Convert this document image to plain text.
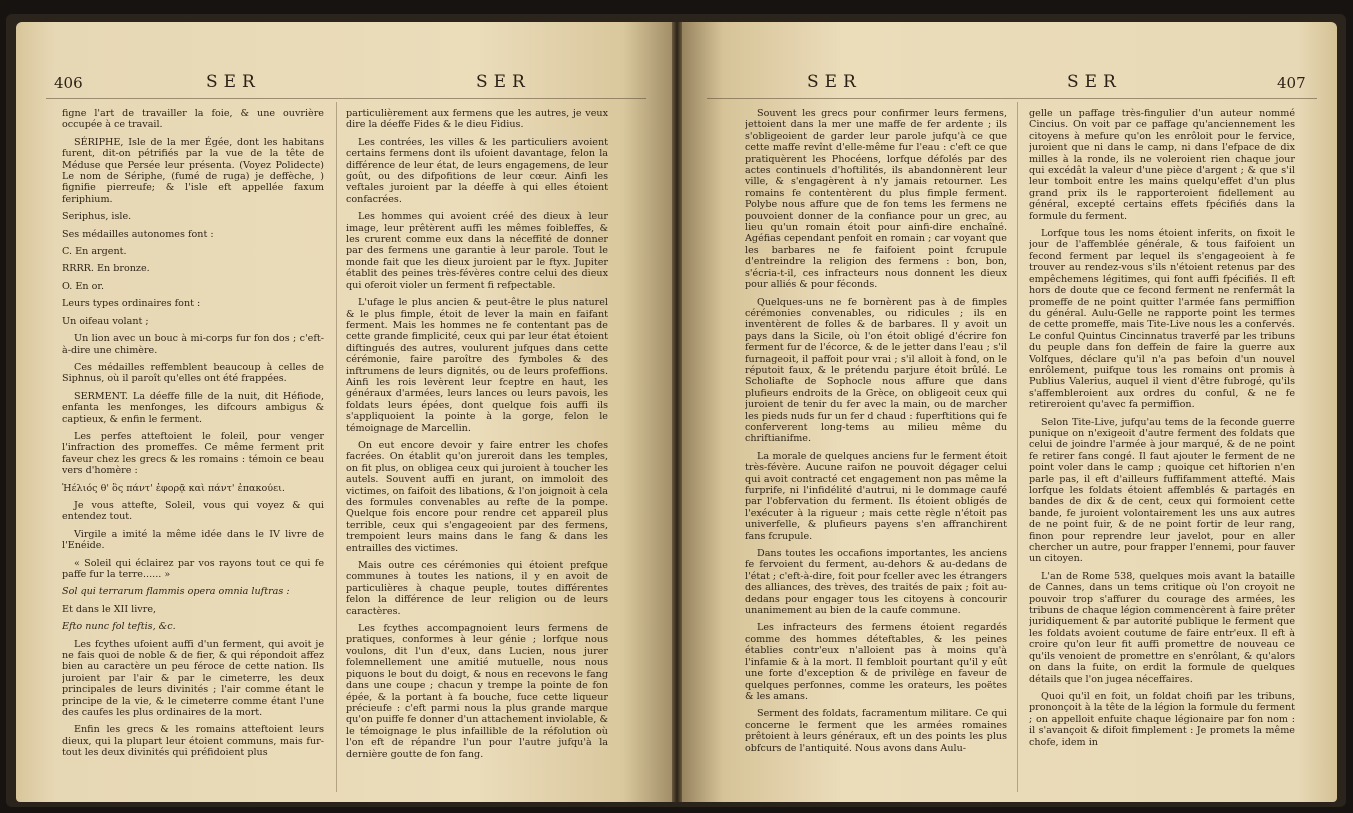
406	SER	SER

fignе l'art de travailler la foie, & une ouvrière occupée à ce travail.

SÉRIPHE, Isle de la mer Égée, dont les habitans furent, dit-on pétrifiés par la vue de la tête de Méduse que Persée leur présenta. (Voyez Polidecte) Le nom de Sériphe, (fumé de ruga) je deffèche, ) fignifie pierreufe; & l'isle eft appellée faxum feriphium.

Seriphus, isle.

Ses médailles autonomes font :

C. En argent.

RRRR. En bronze.

O. En or.

Leurs types ordinaires font :

Un oifeau volant ;

Un lion avec un bouc à mi-corps fur fon dos ; c'eft-à-dire une chimère.

Ces médailles reffemblent beaucoup à celles de Siphnus, où il paroît qu'elles ont été frappées.

SERMENT. La déeffe fille de la nuit, dit Héfiode, enfanta les menfonges, les difcours ambigus & captieux, & enfin le ferment.

Les perfes atteftoient le foleil, pour venger l'infraction des promeffes. Ce même ferment prit faveur chez les grecs & les romains : témoin ce beau vers d'homère :

Ἠέλιός θ' ὃς πάντ' ἐφορᾷ καὶ πάντ' ἐπακούει.

Je vous attefte, Soleil, vous qui voyez & qui entendez tout.

Virgile a imité la même idée dans le IV livre de l'Enéide.

« Soleil qui éclairez par vos rayons tout ce qui fe paffe fur la terre...... »

Sol qui terrarum flammis opera omnia luftras :

Et dans le XII livre,

Efto nunc fol teftis, &c.

Les fcythes ufoient auffi d'un ferment, qui avoit je ne fais quoi de noble & de fier, & qui répondoit affez bien au caractère un peu féroce de cette nation. Ils juroient par l'air & par le cimeterre, les deux principales de leurs divinités ; l'air comme étant le principe de la vie, & le cimeterre comme étant l'une des caufes les plus ordinaires de la mort.

Enfin les grecs & les romains atteftoient leurs dieux, qui la plupart leur étoient communs, mais fur-tout les deux divinités qui préfidoient plus

particulièrement aux fermens que les autres, je veux dire la déeffe Fides & le dieu Fidius.

Les contrées, les villes & les particuliers avoient certains fermens dont ils ufoient davantage, felon la différence de leur état, de leurs engagemens, de leur goût, ou des difpofitions de leur cœur. Ainfi les veftales juroient par la déeffe à qui elles étoient confacrées.

Les hommes qui avoient créé des dieux à leur image, leur prêtèrent auffi les mêmes foibleffes, & les crurent comme eux dans la néceffité de donner par des fermens une garantie à leur parole. Tout le monde fait que les dieux juroient par le ftyx. Jupiter établit des peines très-févères contre celui des dieux qui oferoit violer un ferment fi refpectable.

L'ufage le plus ancien & peut-être le plus naturel & le plus fimple, étoit de lever la main en faifant ferment. Mais les hommes ne fe contentant pas de cette grande fimplicité, ceux qui par leur état étoient diftingués des autres, voulurent jufques dans cette cérémonie, faire paroître des fymboles & des inftrumens de leurs dignités, ou de leurs profeffions. Ainfi les rois levèrent leur fceptre en haut, les généraux d'armées, leurs lances ou leurs pavois, les foldats leurs épées, dont quelque fois auffi ils s'appliquoient la pointe à la gorge, felon le témoignage de Marcellin.

On eut encore devoir y faire entrer les chofes facrées. On établit qu'on jureroit dans les temples, on fit plus, on obligea ceux qui juroient à toucher les autels. Souvent auffi en jurant, on immoloit des victimes, on faifoit des libations, & l'on joignoit à cela des formules convenables au refte de la pompe. Quelque fois encore pour rendre cet appareil plus terrible, ceux qui s'engageoient par des fermens, trempoient leurs mains dans le fang & dans les entrailles des victimes.

Mais outre ces cérémonies qui étoient prefque communes à toutes les nations, il y en avoit de particulières à chaque peuple, toutes différentes felon la différence de leur religion ou de leurs caractères.

Les fcythes accompagnoient leurs fermens de pratiques, conformes à leur génie ; lorfque nous voulons, dit l'un d'eux, dans Lucien, nous jurer folemnellement une amitié mutuelle, nous nous piquons le bout du doigt, & nous en recevons le fang dans une coupe ; chacun y trempe la pointe de fon épée, & la portant à fa bouche, fuce cette liqueur précieufe : c'eft parmi nous la plus grande marque qu'on puiffe fe donner d'un attachement inviolable, & le témoignage le plus infaillible de la réfolution où l'on eft de répandre l'un pour l'autre jufqu'à la dernière goutte de fon fang.

SER	SER	407

Souvent les grecs pour confirmer leurs fermens, jettoient dans la mer une maffe de fer ardente ; ils s'obligeoient de garder leur parole jufqu'à ce que cette maffe revînt d'elle-même fur l'eau : c'eft ce que pratiquèrent les Phocéens, lorfque défolés par des actes continuels d'hoftilités, ils abandonnèrent leur ville, & s'engagèrent à n'y jamais retourner. Les romains fe contentèrent du plus fimple ferment. Polybe nous affure que de fon tems les fermens ne pouvoient donner de la confiance pour un grec, au lieu qu'un romain étoit pour ainfi-dire enchaîné. Agéfias cependant penfoit en romain ; car voyant que les barbares ne fe faifoient point fcrupule d'entreindre la religion des fermens : bon, bon, s'écria-t-il, ces infracteurs nous donnent les dieux pour alliés & pour féconds.

Quelques-uns ne fe bornèrent pas à de fimples cérémonies convenables, ou ridicules ; ils en inventèrent de folles & de barbares. Il y avoit un pays dans la Sicile, où l'on étoit obligé d'écrire fon ferment fur de l'écorce, & de le jetter dans l'eau ; s'il furnageoit, il paffoit pour vrai ; s'il alloit à fond, on le réputoit faux, & le prétendu parjure étoit brûlé. Le Scholiafte de Sophocle nous affure que dans plufieurs endroits de la Grèce, on obligeoit ceux qui juroient de tenir du fer avec la main, ou de marcher les pieds nuds fur un fer d chaud : fuperftitions qui fe conferverent long-tems au milieu même du chriftianifme.

La morale de quelques anciens fur le ferment étoit très-févère. Aucune raifon ne pouvoit dégager celui qui avoit contracté cet engagement non pas même la furprife, ni l'infidélité d'autrui, ni le dommage caufé par l'obfervation du ferment. Ils étoient obligés de l'exécuter à la rigueur ; mais cette règle n'étoit pas univerfelle, & plufieurs payens s'en affranchirent fans fcrupule.

Dans toutes les occafions importantes, les anciens fe fervoient du ferment, au-dehors & au-dedans de l'état ; c'eft-à-dire, foit pour fceller avec les étrangers des alliances, des trèves, des traités de paix ; foit au-dedans pour engager tous les citoyens à concourir unanimement au bien de la caufe commune.

Les infracteurs des fermens étoient regardés comme des hommes déteftables, & les peines établies contr'eux n'alloient pas à moins qu'à l'infamie & à la mort. Il fembloit pourtant qu'il y eût une forte d'exception & de privilège en faveur de quelques perfonnes, comme les orateurs, les poëtes & les amans.

Serment des foldats, facramentum militare. Ce qui concerne le ferment que les armées romaines prêtoient à leurs généraux, eft un des points les plus obfcurs de l'antiquité. Nous avons dans Aulu-

gelle un paffage très-fingulier d'un auteur nommé Cincius. On voit par ce paffage qu'anciennement les citoyens à mefure qu'on les enrôloit pour le fervice, juroient que ni dans le camp, ni dans l'efpace de dix milles à la ronde, ils ne voleroient rien chaque jour qui excédât la valeur d'une pièce d'argent ; & que s'il leur tomboit entre les mains quelqu'effet d'un plus grand prix ils le rapporteroient fidellement au général, excepté certains effets fpécifiés dans la formule du ferment.

Lorfque tous les noms étoient inferits, on fixoit le jour de l'affemblée générale, & tous faifoient un fecond ferment par lequel ils s'engageoient à fe trouver au rendez-vous s'ils n'étoient retenus par des empêchemens légitimes, qui font auffi fpécifiés. Il eft hors de doute que ce fecond ferment ne renfermât la promeffe de ne point quitter l'armée fans permiffion du général. Aulu-Gelle ne rapporte point les termes de cette promeffe, mais Tite-Live nous les a confervés. Le conful Quintus Cincinnatus traverfé par les tribuns du peuple dans fon deffein de faire la guerre aux Volfques, déclare qu'il n'a pas befoin d'un nouvel enrôlement, puifque tous les romains ont promis à Publius Valerius, auquel il vient d'être fubrogé, qu'ils s'affembleroient aux ordres du conful, & ne fe retireroient qu'avec fa permiffion.

Selon Tite-Live, jufqu'au tems de la feconde guerre punique on n'exigeoit d'autre ferment des foldats que celui de joindre l'armée à jour marqué, & de ne point fe retirer fans congé. Il faut ajouter le ferment de ne point voler dans le camp ; quoique cet hiftorien n'en parle pas, il eft d'ailleurs fuffifamment attefté. Mais lorfque les foldats étoient affemblés & partagés en bandes de dix & de cent, ceux qui formoient cette bande, fe juroient volontairement les uns aux autres de ne point fuir, & de ne point fortir de leur rang, finon pour reprendre leur javelot, pour en aller chercher un autre, pour frapper l'ennemi, pour fauver un citoyen.

L'an de Rome 538, quelques mois avant la bataille de Cannes, dans un tems critique où l'on croyoit ne pouvoir trop s'affurer du courage des armées, les tribuns de chaque légion commencèrent à faire prêter juridiquement & par autorité publique le ferment que les foldats avoient coutume de faire entr'eux. Il eft à croire qu'on leur fit auffi promettre de nouveau ce qu'ils venoient de promettre en s'enrôlant, & qu'alors on dans la fuite, on erdit la formule de quelques détails que l'on jugea néceffaires.

Quoi qu'il en foit, un foldat choifi par les tribuns, prononçoit à la tête de la légion la formule du ferment ; on appelloit enfuite chaque légionaire par fon nom : il s'avançoit & difoit fimplement : Je promets la même chofe, idem in
